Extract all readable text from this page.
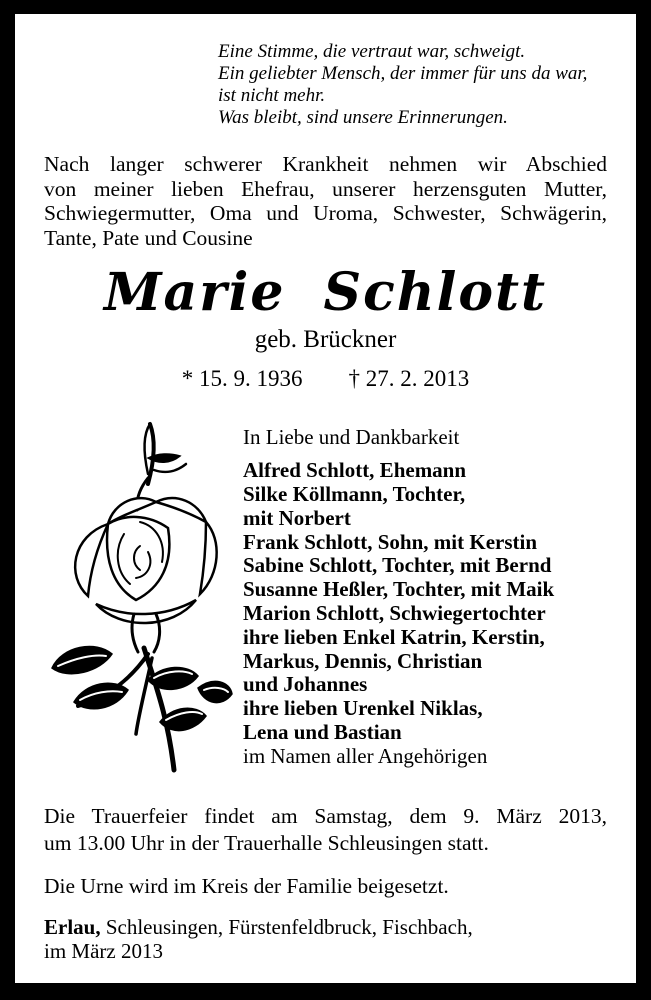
Eine Stimme, die vertraut war, schweigt.
Ein geliebter Mensch, der immer für uns da war,
ist nicht mehr.
Was bleibt, sind unsere Erinnerungen.
Nach langer schwerer Krankheit nehmen wir Abschied
von meiner lieben Ehefrau, unserer herzensguten Mutter,
Schwiegermutter, Oma und Uroma, Schwester, Schwägerin,
Tante, Pate und Cousine
Marie Schlott
geb. Brückner
* 15. 9. 1936 † 27. 2. 2013
In Liebe und Dankbarkeit
Alfred Schlott, Ehemann
Silke Köllmann, Tochter,
mit Norbert
Frank Schlott, Sohn, mit Kerstin
Sabine Schlott, Tochter, mit Bernd
Susanne Heßler, Tochter, mit Maik
Marion Schlott, Schwiegertochter
ihre lieben Enkel Katrin, Kerstin,
Markus, Dennis, Christian
und Johannes
ihre lieben Urenkel Niklas,
Lena und Bastian
im Namen aller Angehörigen
Die Trauerfeier findet am Samstag, dem 9. März 2013,
um 13.00 Uhr in der Trauerhalle Schleusingen statt.
Die Urne wird im Kreis der Familie beigesetzt.
Erlau, Schleusingen, Fürstenfeldbruck, Fischbach,
im März 2013
